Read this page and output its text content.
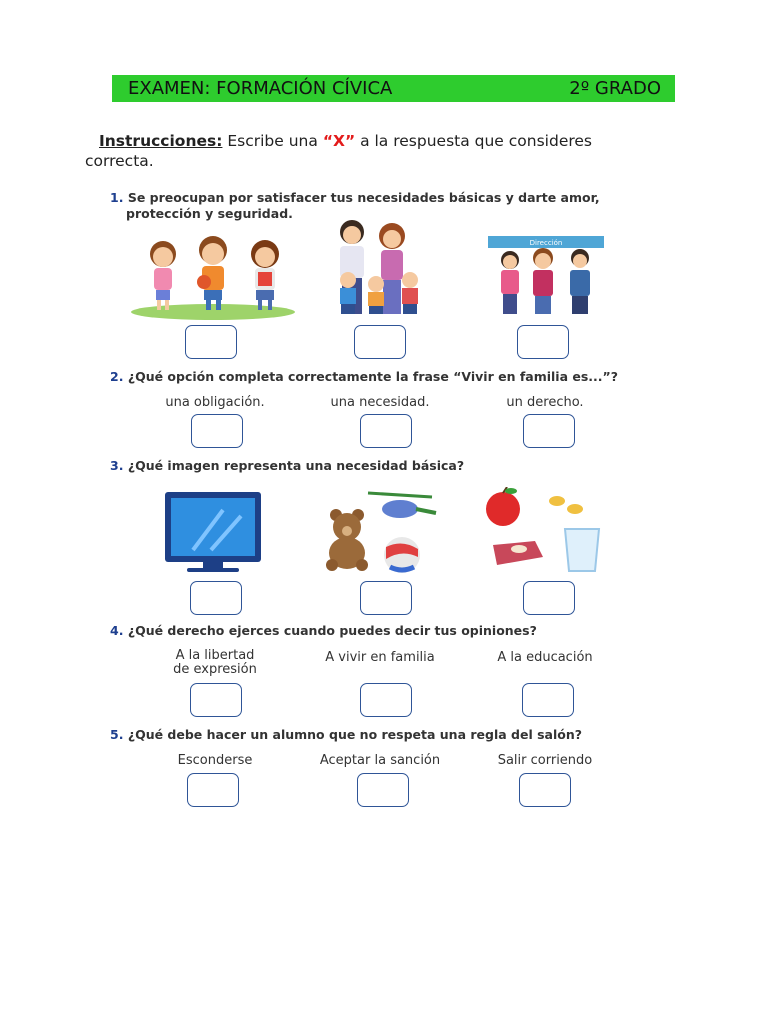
EXAMEN: FORMACIÓN CÍVICA	2º GRADO
Instrucciones: Escribe una “X” a la respuesta que consideres correcta.
1. Se preocupan por satisfacer tus necesidades básicas y darte amor,
protección y seguridad.
Dirección
2. ¿Qué opción completa correctamente la frase “Vivir en familia es...”?
una obligación.	una necesidad.	un derecho.
3. ¿Qué imagen representa una necesidad básica?
4. ¿Qué derecho ejerces cuando puedes decir tus opiniones?
A la libertad
de expresión
A vivir en familia	A la educación
5. ¿Qué debe hacer un alumno que no respeta una regla del salón?
Esconderse	Aceptar la sanción	Salir corriendo
